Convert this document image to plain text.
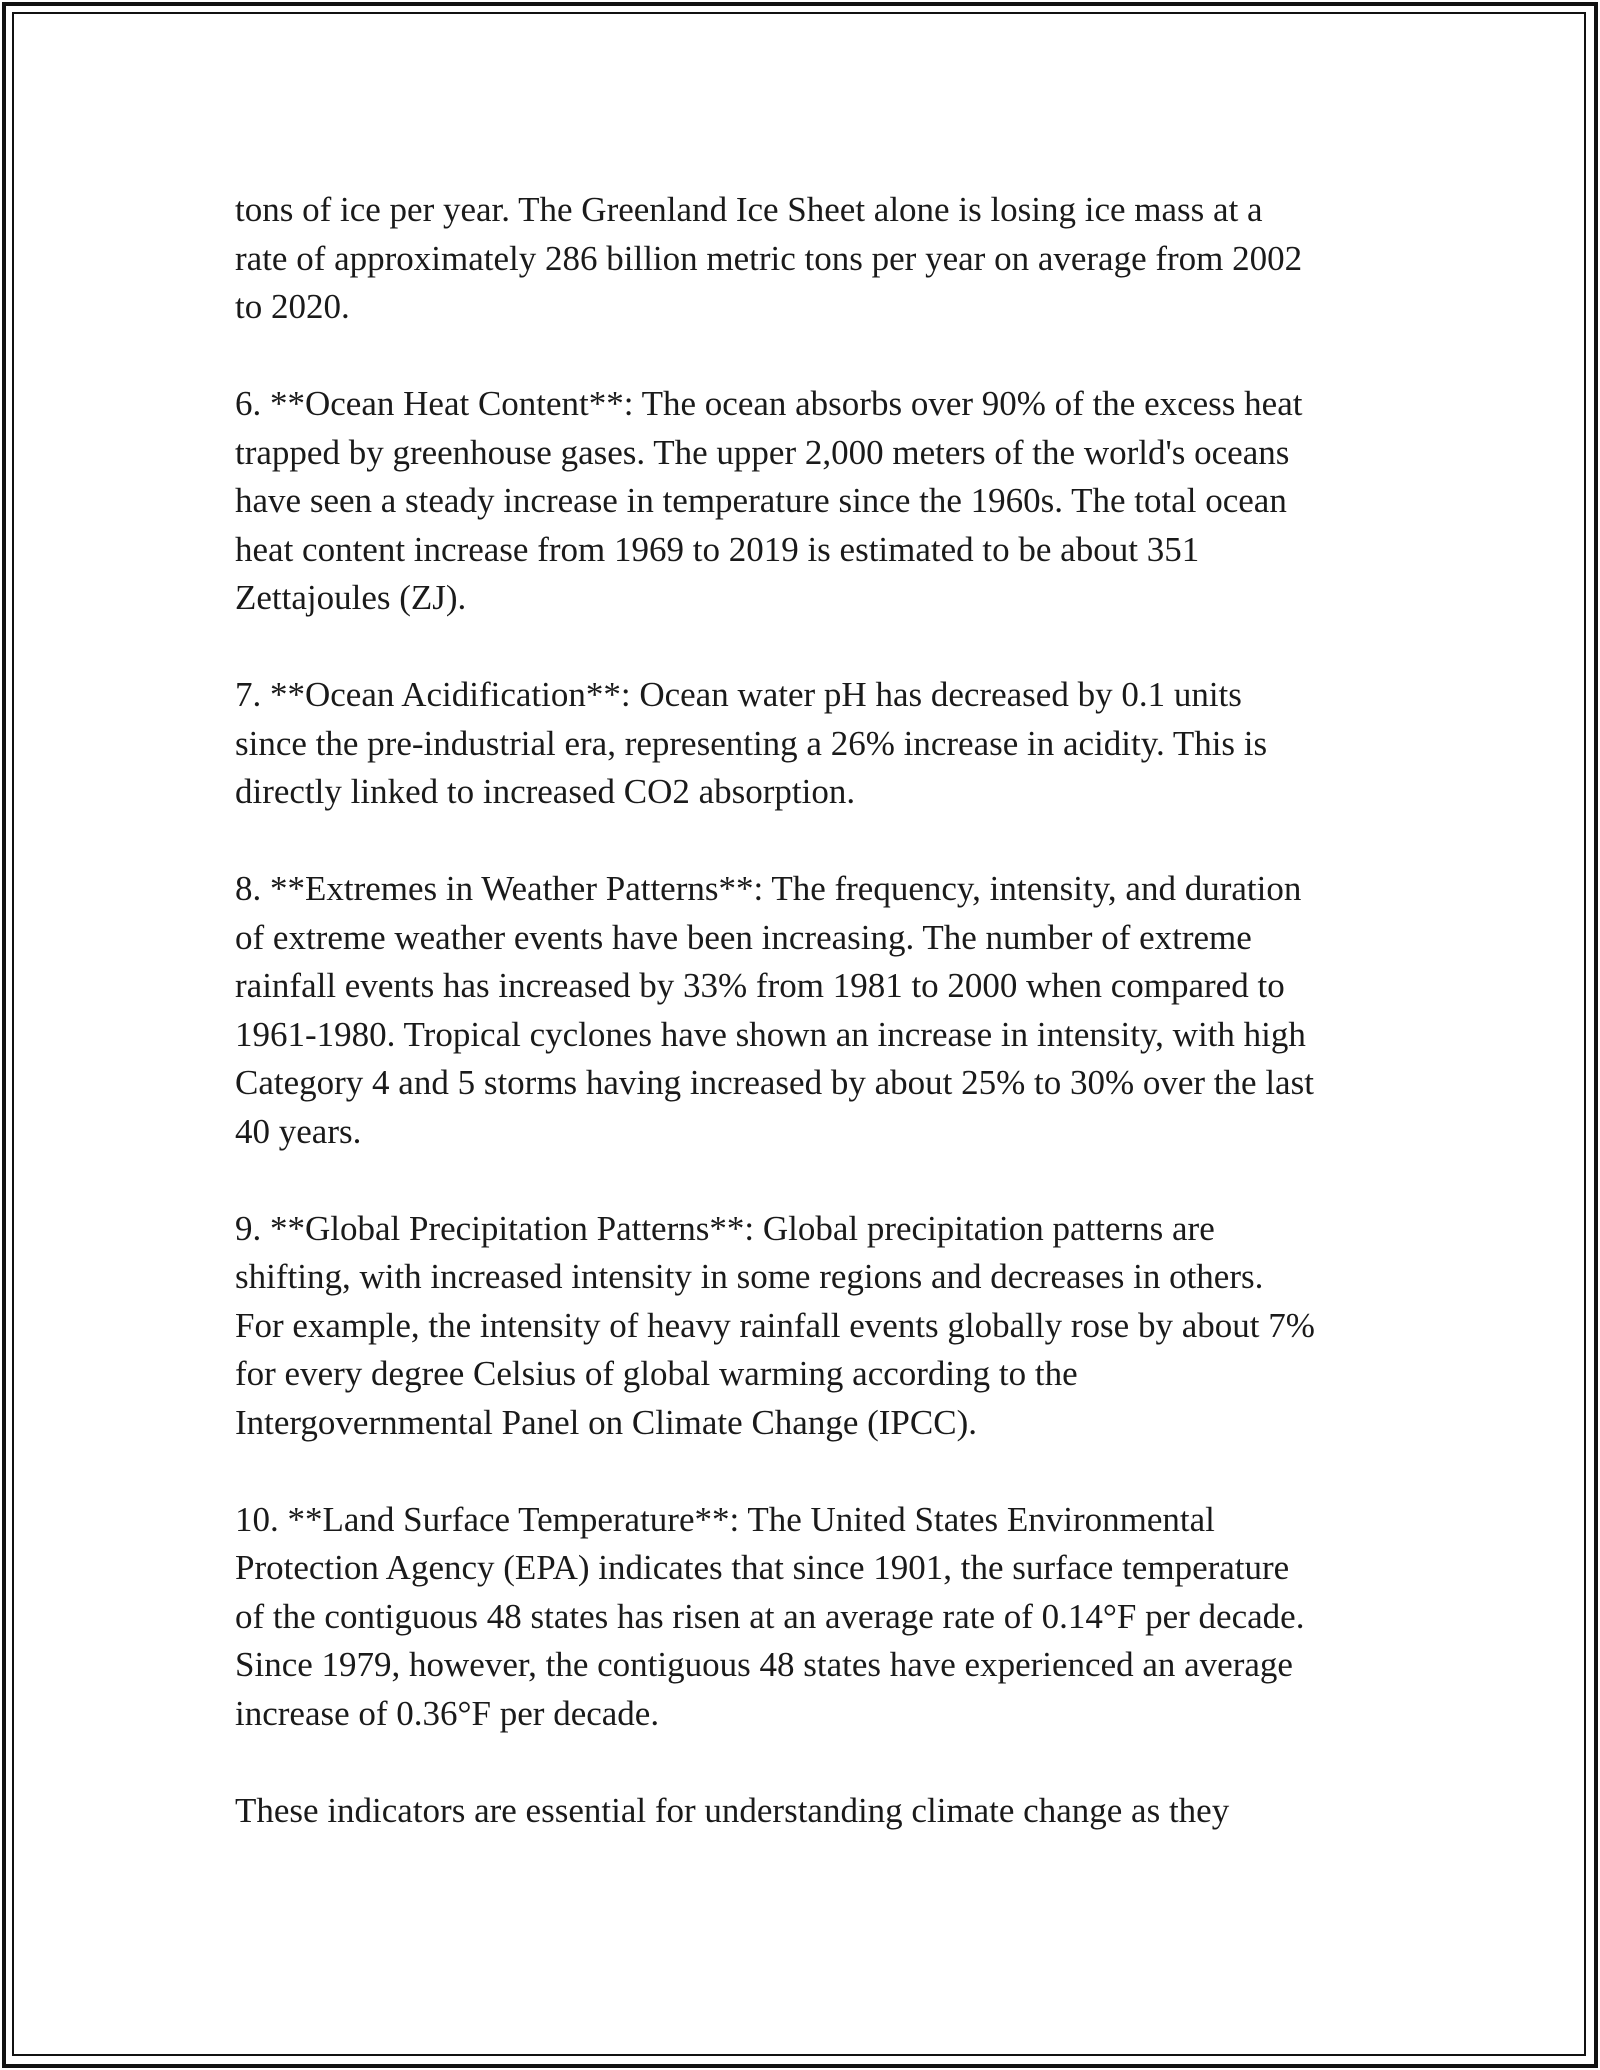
tons of ice per year. The Greenland Ice Sheet alone is losing ice mass at a
rate of approximately 286 billion metric tons per year on average from 2002
to 2020.

6. **Ocean Heat Content**: The ocean absorbs over 90% of the excess heat
trapped by greenhouse gases. The upper 2,000 meters of the world's oceans
have seen a steady increase in temperature since the 1960s. The total ocean
heat content increase from 1969 to 2019 is estimated to be about 351
Zettajoules (ZJ).

7. **Ocean Acidification**: Ocean water pH has decreased by 0.1 units
since the pre-industrial era, representing a 26% increase in acidity. This is
directly linked to increased CO2 absorption.

8. **Extremes in Weather Patterns**: The frequency, intensity, and duration
of extreme weather events have been increasing. The number of extreme
rainfall events has increased by 33% from 1981 to 2000 when compared to
1961-1980. Tropical cyclones have shown an increase in intensity, with high
Category 4 and 5 storms having increased by about 25% to 30% over the last
40 years.

9. **Global Precipitation Patterns**: Global precipitation patterns are
shifting, with increased intensity in some regions and decreases in others.
For example, the intensity of heavy rainfall events globally rose by about 7%
for every degree Celsius of global warming according to the
Intergovernmental Panel on Climate Change (IPCC).

10. **Land Surface Temperature**: The United States Environmental
Protection Agency (EPA) indicates that since 1901, the surface temperature
of the contiguous 48 states has risen at an average rate of 0.14°F per decade.
Since 1979, however, the contiguous 48 states have experienced an average
increase of 0.36°F per decade.

These indicators are essential for understanding climate change as they
